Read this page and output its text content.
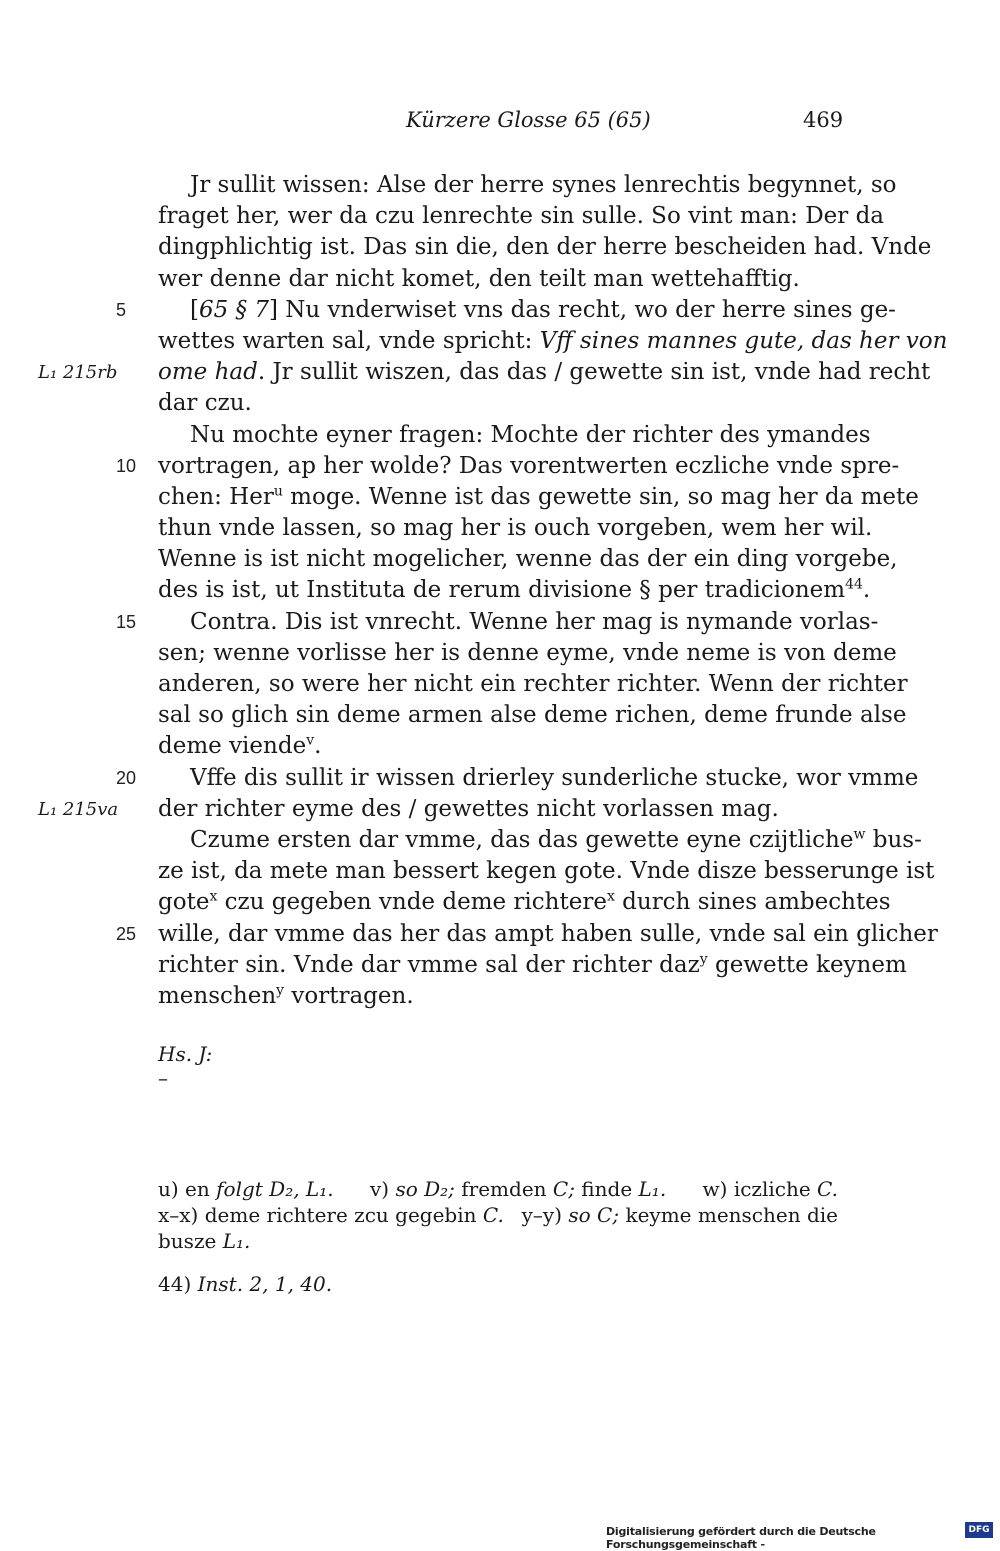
Kürzere Glosse 65 (65)	469
Jr sullit wissen: Alse der herre synes lenrechtis begynnet, so
fraget her, wer da czu lenrechte sin sulle. So vint man: Der da
dingphlichtig ist. Das sin die, den der herre bescheiden had. Vnde
wer denne dar nicht komet, den teilt man wettehafftig.
5	[65 § 7] Nu vnderwiset vns das recht, wo der herre sines ge-
wettes warten sal, vnde spricht: Vff sines mannes gute, das her von
L₁ 215rb ome had. Jr sullit wiszen, das das / gewette sin ist, vnde had recht
dar czu.
Nu mochte eyner fragen: Mochte der richter des ymandes
10 vortragen, ap her wolde? Das vorentwerten eczliche vnde spre-
chen: Her$^u$ moge. Wenne ist das gewette sin, so mag her da mete
thun vnde lassen, so mag her is ouch vorgeben, wem her wil.
Wenne is ist nicht mogelicher, wenne das der ein ding vorgebe,
des is ist, ut Instituta de rerum divisione § per tradicionem$^{44}$.
15 Contra. Dis ist vnrecht. Wenne her mag is nymande vorlas-
sen; wenne vorlisse her is denne eyme, vnde neme is von deme
anderen, so were her nicht ein rechter richter. Wenn der richter
sal so glich sin deme armen alse deme richen, deme frunde alse
deme viende$^v$.
20 Vffe dis sullit ir wissen drierley sunderliche stucke, wor vmme
L₁ 215va der richter eyme des / gewettes nicht vorlassen mag.
Czume ersten dar vmme, das das gewette eyne czijtliche$^w$ bus-
ze ist, da mete man bessert kegen gote. Vnde disze besserunge ist
gote$^x$ czu gegeben vnde deme richtere$^x$ durch sines ambechtes
25 wille, dar vmme das her das ampt haben sulle, vnde sal ein glicher
richter sin. Vnde dar vmme sal der richter daz$^y$ gewette keynem
menschen$^y$ vortragen.
Hs. J:
–
u) en folgt D₂, L₁. v) so D₂; fremden C; finde L₁. w) iczliche C.
x–x) deme richtere zcu gegebin C. y–y) so C; keyme menschen die
busze L₁.
44) Inst. 2, 1, 40.
Digitalisierung gefördert durch die Deutsche Forschungsgemeinschaft -
DFG
